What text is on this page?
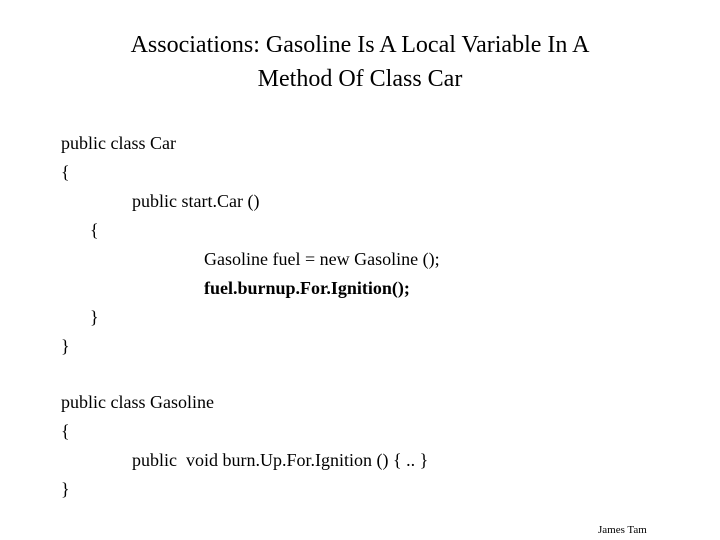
Associations: Gasoline Is A Local Variable In A
Method Of Class Car
public class Car
{
public start.Car ()
{
Gasoline fuel = new Gasoline ();
fuel.burnup.For.Ignition();
}
}
public class Gasoline
{
public  void burn.Up.For.Ignition () { .. }
}
James Tam
